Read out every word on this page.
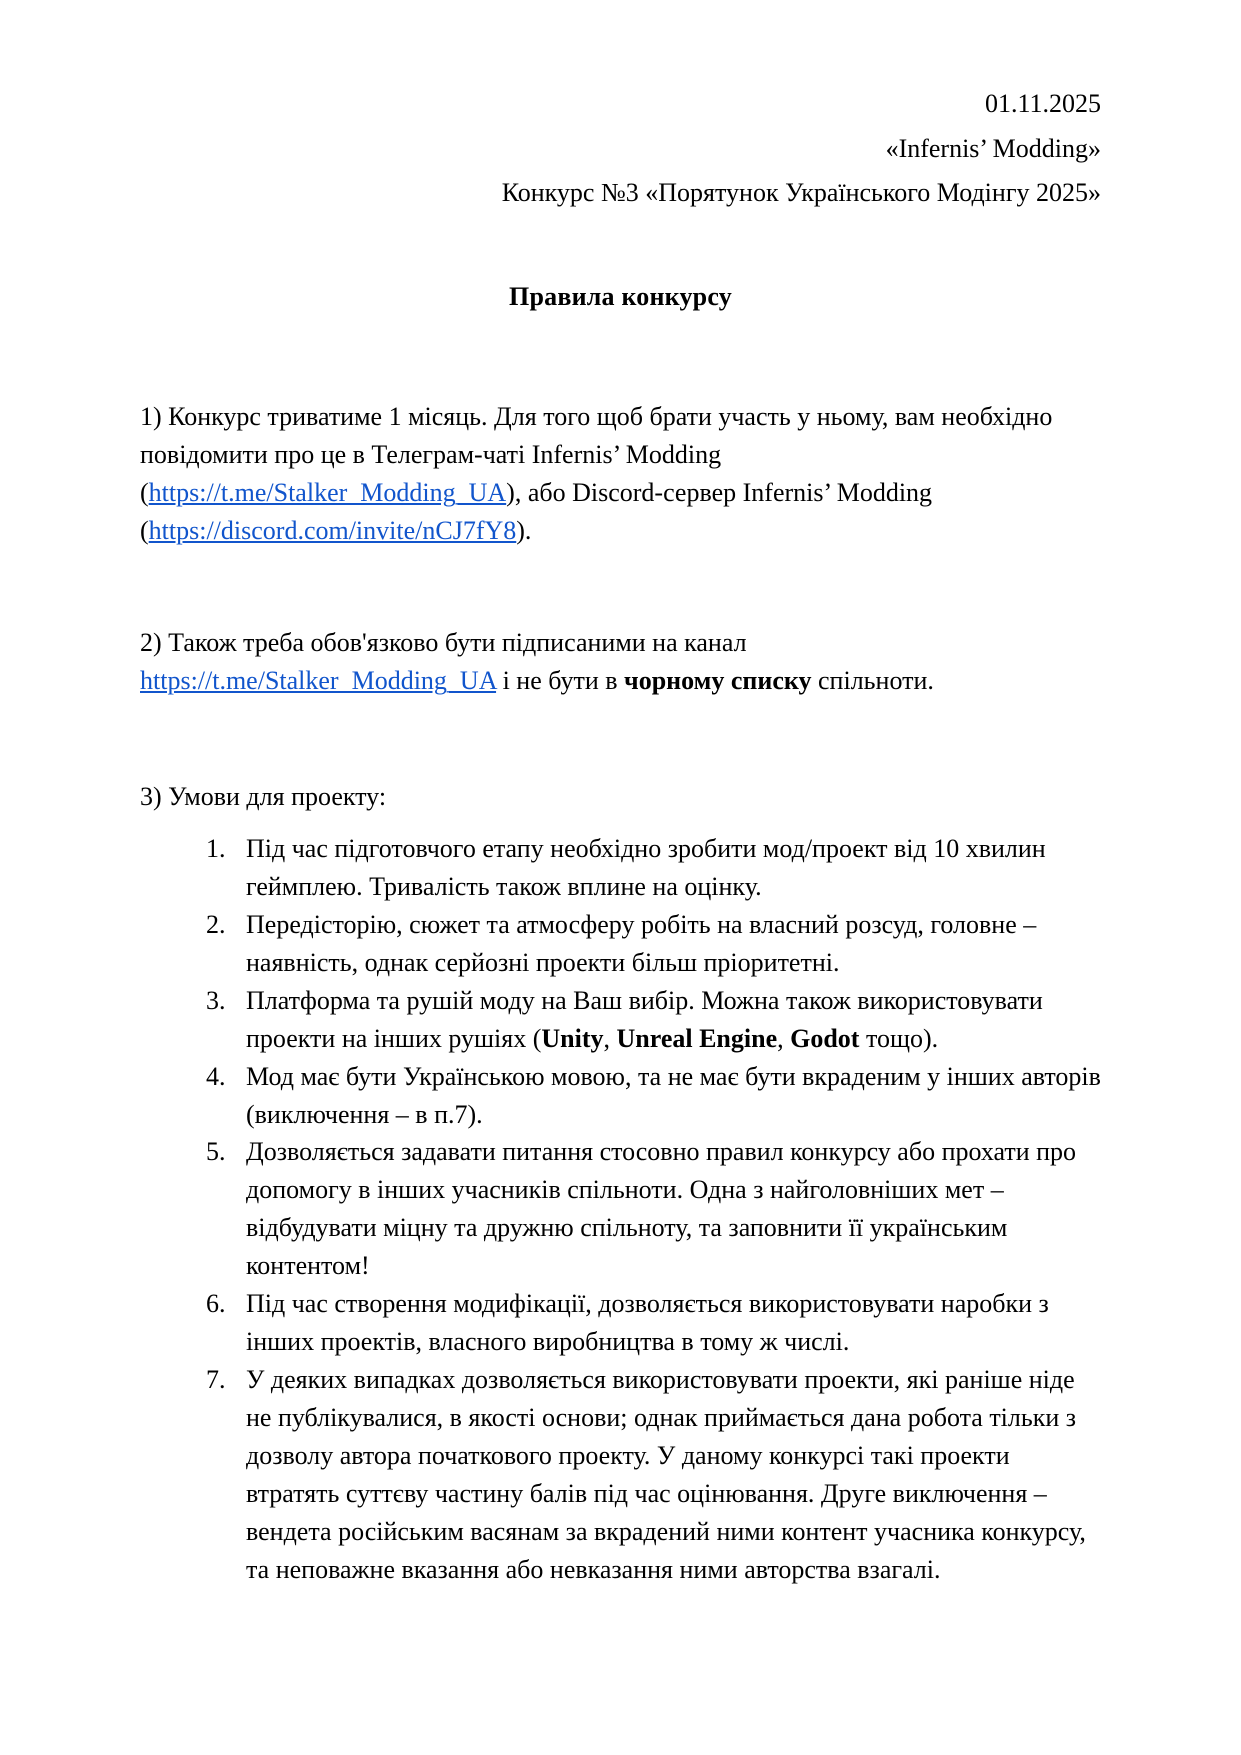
01.11.2025
«Infernis’ Modding»
Конкурс №3 «Порятунок Українського Модінгу 2025»
Правила конкурсу

1) Конкурс триватиме 1 місяць. Для того щоб брати участь у ньому, вам необхідно повідомити про це в Телеграм-чаті Infernis’ Modding (https://t.me/Stalker_Modding_UA), або Discord-сервер Infernis’ Modding (https://discord.com/invite/nCJ7fY8).

2) Також треба обов'язково бути підписаними на канал https://t.me/Stalker_Modding_UA і не бути в чорному списку спільноти.

3) Умови для проекту:

1. Під час підготовчого етапу необхідно зробити мод/проект від 10 хвилин геймплею. Тривалість також вплине на оцінку.
2. Передісторію, сюжет та атмосферу робіть на власний розсуд, головне – наявність, однак серйозні проекти більш пріоритетні.
3. Платформа та рушій моду на Ваш вибір. Можна також використовувати проекти на інших рушіях (Unity, Unreal Engine, Godot тощо).
4. Мод має бути Українською мовою, та не має бути вкраденим у інших авторів (виключення – в п.7).
5. Дозволяється задавати питання стосовно правил конкурсу або прохати про допомогу в інших учасників спільноти. Одна з найголовніших мет – відбудувати міцну та дружню спільноту, та заповнити її українським контентом!
6. Під час створення модифікації, дозволяється використовувати наробки з інших проектів, власного виробництва в тому ж числі.
7. У деяких випадках дозволяється використовувати проекти, які раніше ніде не публікувалися, в якості основи; однак приймається дана робота тільки з дозволу автора початкового проекту. У даному конкурсі такі проекти втратять суттєву частину балів під час оцінювання. Друге виключення – вендета російським васянам за вкрадений ними контент учасника конкурсу, та неповажне вказання або невказання ними авторства взагалі.
